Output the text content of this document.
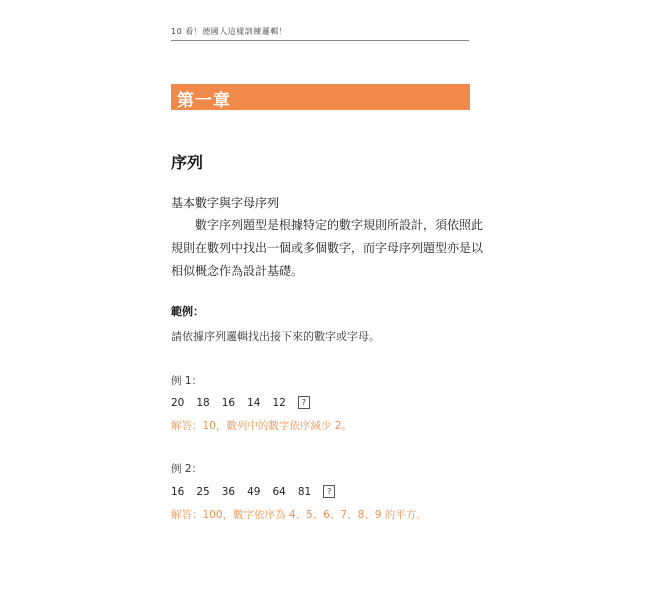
10 看！德國人這樣訓練邏輯！
第一章
序列
基本數字與字母序列
數字序列題型是根據特定的數字規則所設計，須依照此
規則在數列中找出一個或多個數字，而字母序列題型亦是以
相似概念作為設計基礎。
範例：
請依據序列邏輯找出接下來的數字或字母。
例 1：
20 18 16 14 12	?
解答：10，數列中的數字依序減少 2。
例 2：
16 25 36 49 64 81	?
解答：100，數字依序為 4、5、6、7、8、9 的平方。
